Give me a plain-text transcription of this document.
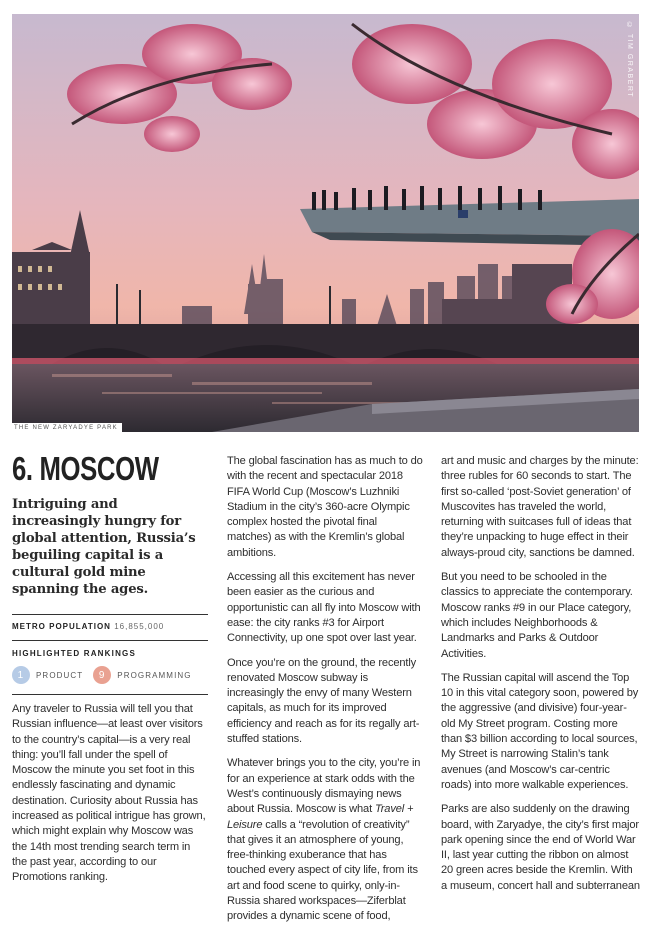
© TIM GRABERT
THE NEW ZARYADYE PARK
6. MOSCOW
Intriguing and increasingly hungry for global attention, Russia’s beguiling capital is a cultural gold mine spanning the ages.
METRO POPULATION 16,855,000
HIGHLIGHTED RANKINGS
1	PRODUCT	9	PROGRAMMING

Any traveler to Russia will tell you that Russian influence—at least over visitors to the country’s capital—is a very real thing: you’ll fall under the spell of Moscow the minute you set foot in this endlessly fascinating and dynamic destination. Curiosity about Russia has increased as political intrigue has grown, which might explain why Moscow was the 14th most trending search term in the past year, according to our Promotions ranking.

The global fascination has as much to do with the recent and spectacular 2018 FIFA World Cup (Moscow’s Luzhniki Stadium in the city’s 360-acre Olympic complex hosted the pivotal final matches) as with the Kremlin’s global ambitions.

Accessing all this excitement has never been easier as the curious and opportunistic can all fly into Moscow with ease: the city ranks #3 for Airport Connectivity, up one spot over last year.

Once you’re on the ground, the recently renovated Moscow subway is increasingly the envy of many Western capitals, as much for its improved efficiency and reach as for its regally art-stuffed stations.

Whatever brings you to the city, you’re in for an experience at stark odds with the West’s continuously dismaying news about Russia. Moscow is what Travel + Leisure calls a “revolution of creativity” that gives it an atmosphere of young, free-thinking exuberance that has touched every aspect of city life, from its art and food scene to quirky, only-in-Russia shared workspaces—Ziferblat provides a dynamic scene of food,

art and music and charges by the minute: three rubles for 60 seconds to start. The first so-called ‘post-Soviet generation’ of Muscovites has traveled the world, returning with suitcases full of ideas that they’re unpacking to huge effect in their always-proud city, sanctions be damned.

But you need to be schooled in the classics to appreciate the contemporary. Moscow ranks #9 in our Place category, which includes Neighborhoods & Landmarks and Parks & Outdoor Activities.

The Russian capital will ascend the Top 10 in this vital category soon, powered by the aggressive (and divisive) four-year-old My Street program. Costing more than $3 billion according to local sources, My Street is narrowing Stalin’s tank avenues (and Moscow’s car-centric roads) into more walkable experiences.

Parks are also suddenly on the drawing board, with Zaryadye, the city’s first major park opening since the end of World War II, last year cutting the ribbon on almost 20 green acres beside the Kremlin. With a museum, concert hall and subterranean
